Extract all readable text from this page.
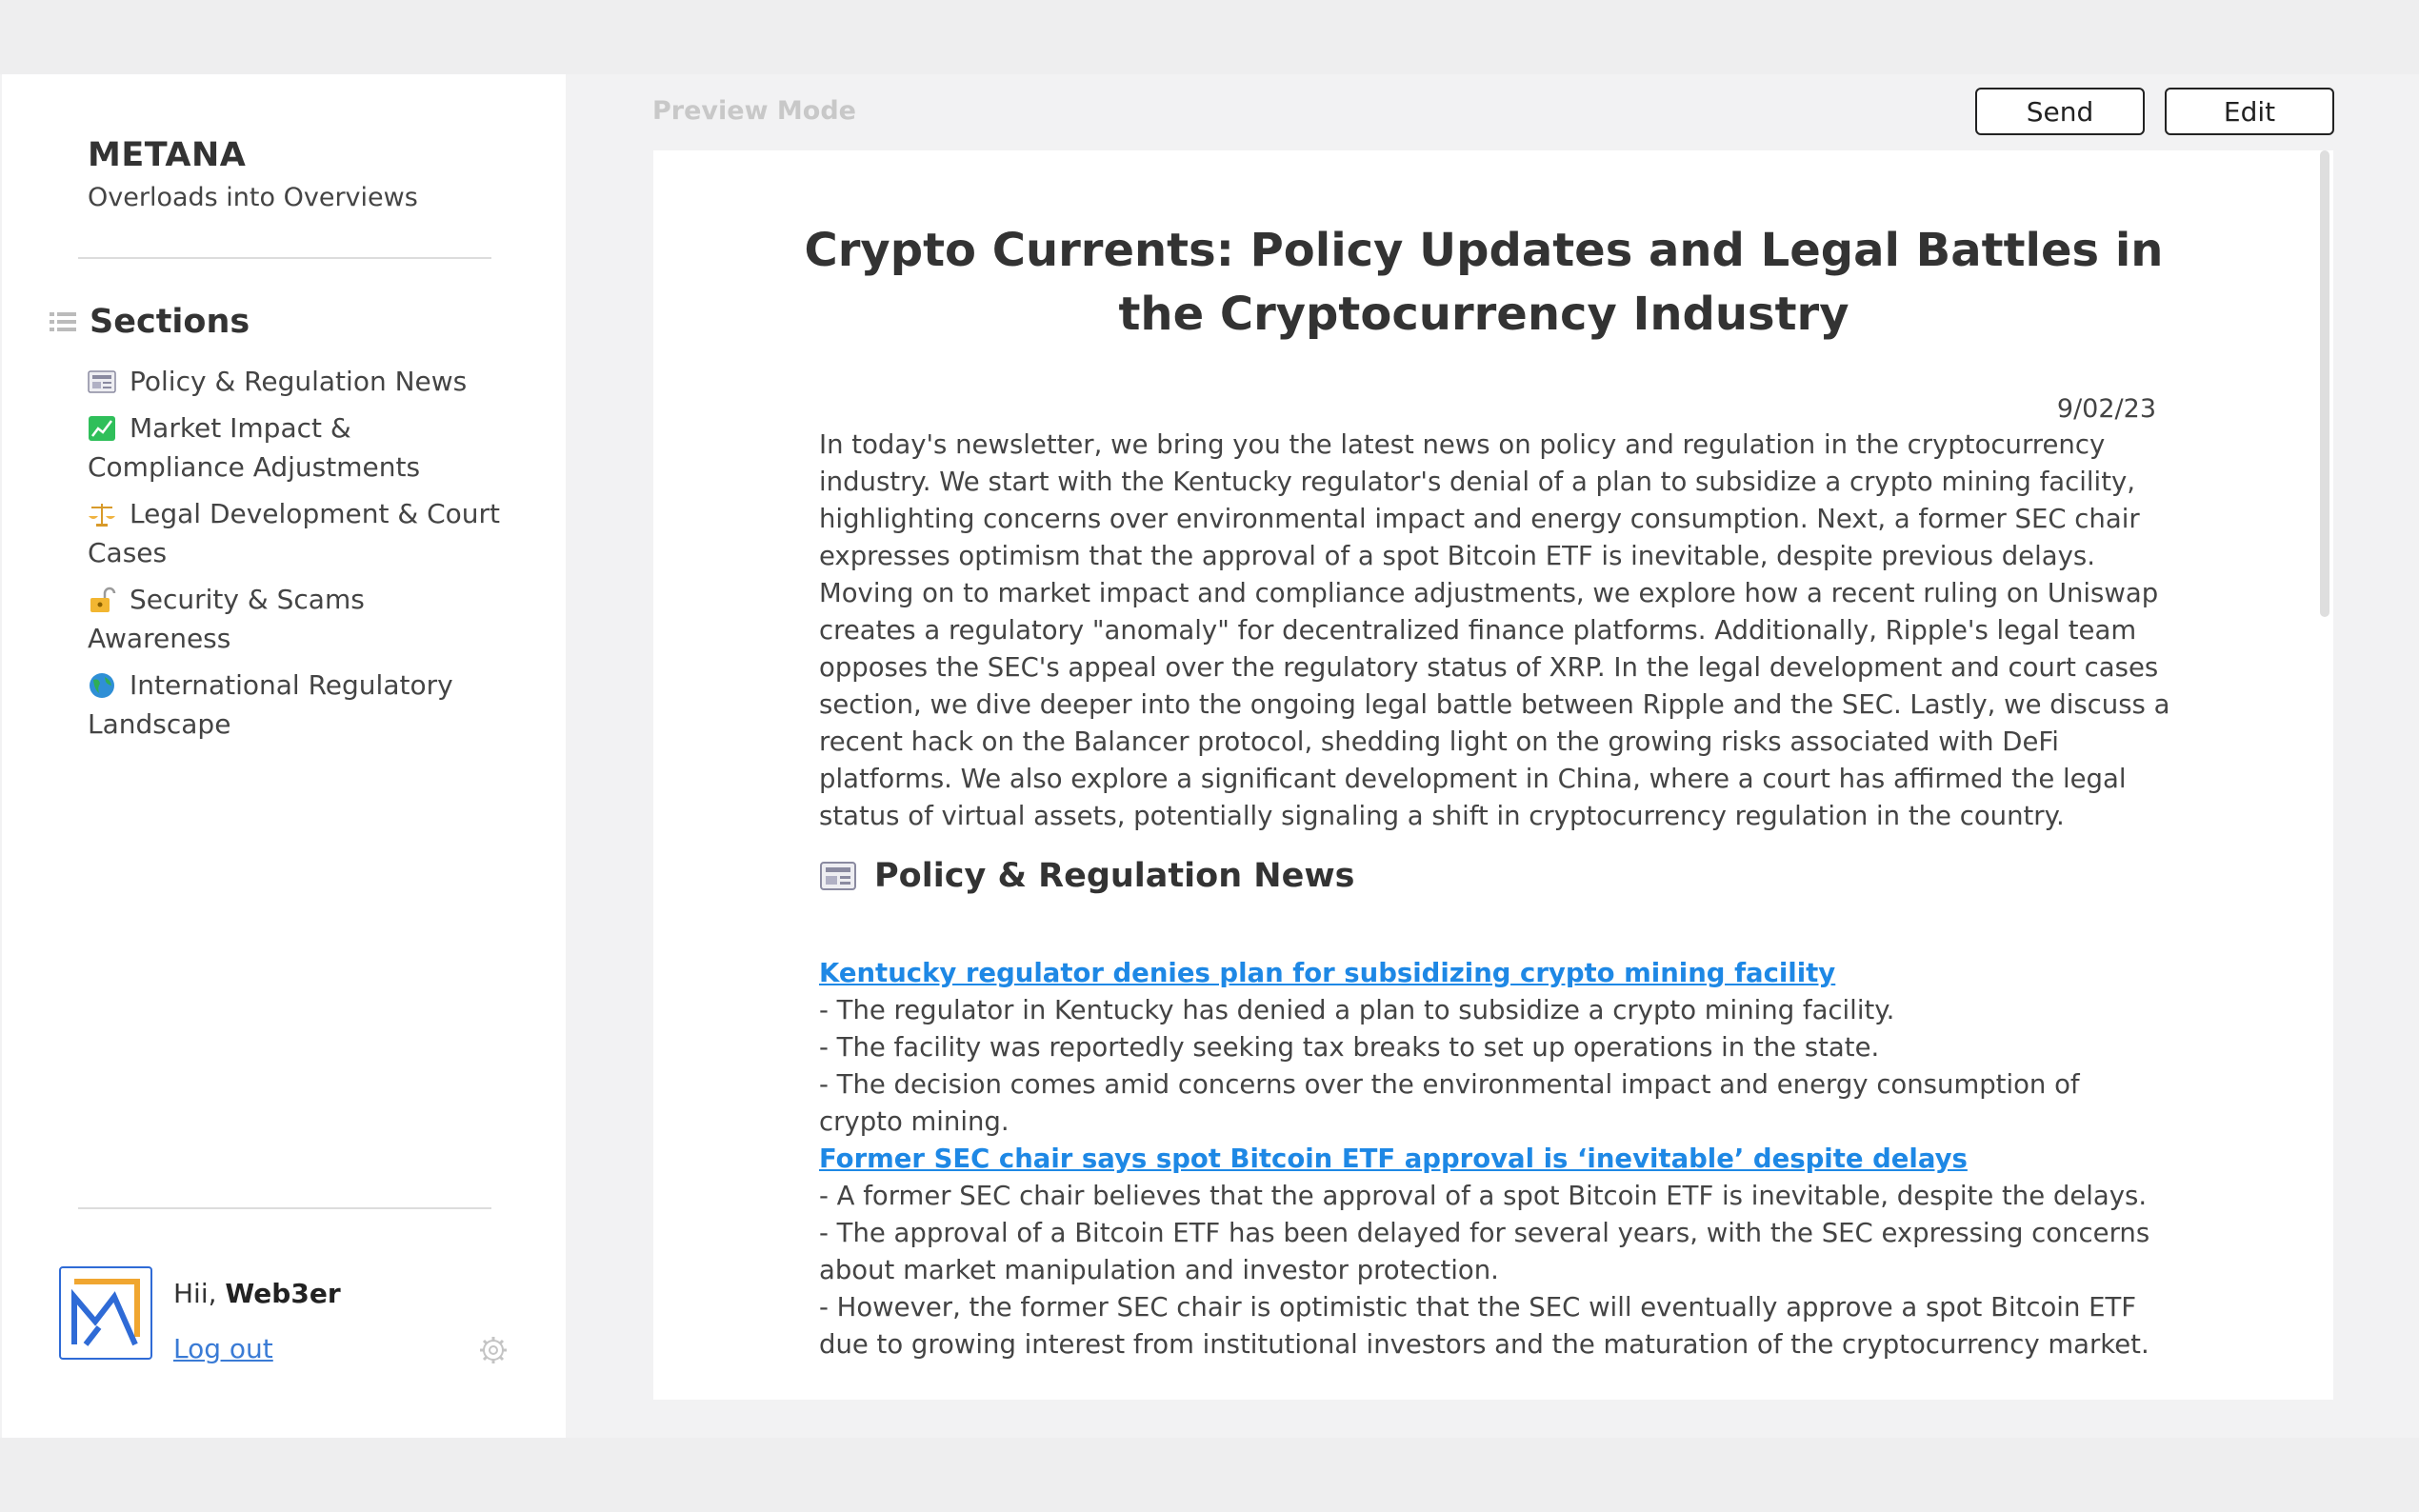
METANA
Overloads into Overviews
Sections
Policy & Regulation News
Market Impact & Compliance Adjustments
Legal Development & Court Cases
Security & Scams Awareness
International Regulatory Landscape
Hii, Web3er
Log out
Preview Mode	Send	Edit
Crypto Currents: Policy Updates and Legal Battles in the Cryptocurrency Industry
9/02/23

In today's newsletter, we bring you the latest news on policy and regulation in the cryptocurrency industry. We start with the Kentucky regulator's denial of a plan to subsidize a crypto mining facility, highlighting concerns over environmental impact and energy consumption. Next, a former SEC chair expresses optimism that the approval of a spot Bitcoin ETF is inevitable, despite previous delays. Moving on to market impact and compliance adjustments, we explore how a recent ruling on Uniswap creates a regulatory "anomaly" for decentralized finance platforms. Additionally, Ripple's legal team opposes the SEC's appeal over the regulatory status of XRP. In the legal development and court cases section, we dive deeper into the ongoing legal battle between Ripple and the SEC. Lastly, we discuss a recent hack on the Balancer protocol, shedding light on the growing risks associated with DeFi platforms. We also explore a significant development in China, where a court has affirmed the legal status of virtual assets, potentially signaling a shift in cryptocurrency regulation in the country.

Policy & Regulation News
Kentucky regulator denies plan for subsidizing crypto mining facility
- The regulator in Kentucky has denied a plan to subsidize a crypto mining facility.
- The facility was reportedly seeking tax breaks to set up operations in the state.
- The decision comes amid concerns over the environmental impact and energy consumption of crypto mining.
Former SEC chair says spot Bitcoin ETF approval is ‘inevitable’ despite delays
- A former SEC chair believes that the approval of a spot Bitcoin ETF is inevitable, despite the delays.
- The approval of a Bitcoin ETF has been delayed for several years, with the SEC expressing concerns about market manipulation and investor protection.
- However, the former SEC chair is optimistic that the SEC will eventually approve a spot Bitcoin ETF due to growing interest from institutional investors and the maturation of the cryptocurrency market.
